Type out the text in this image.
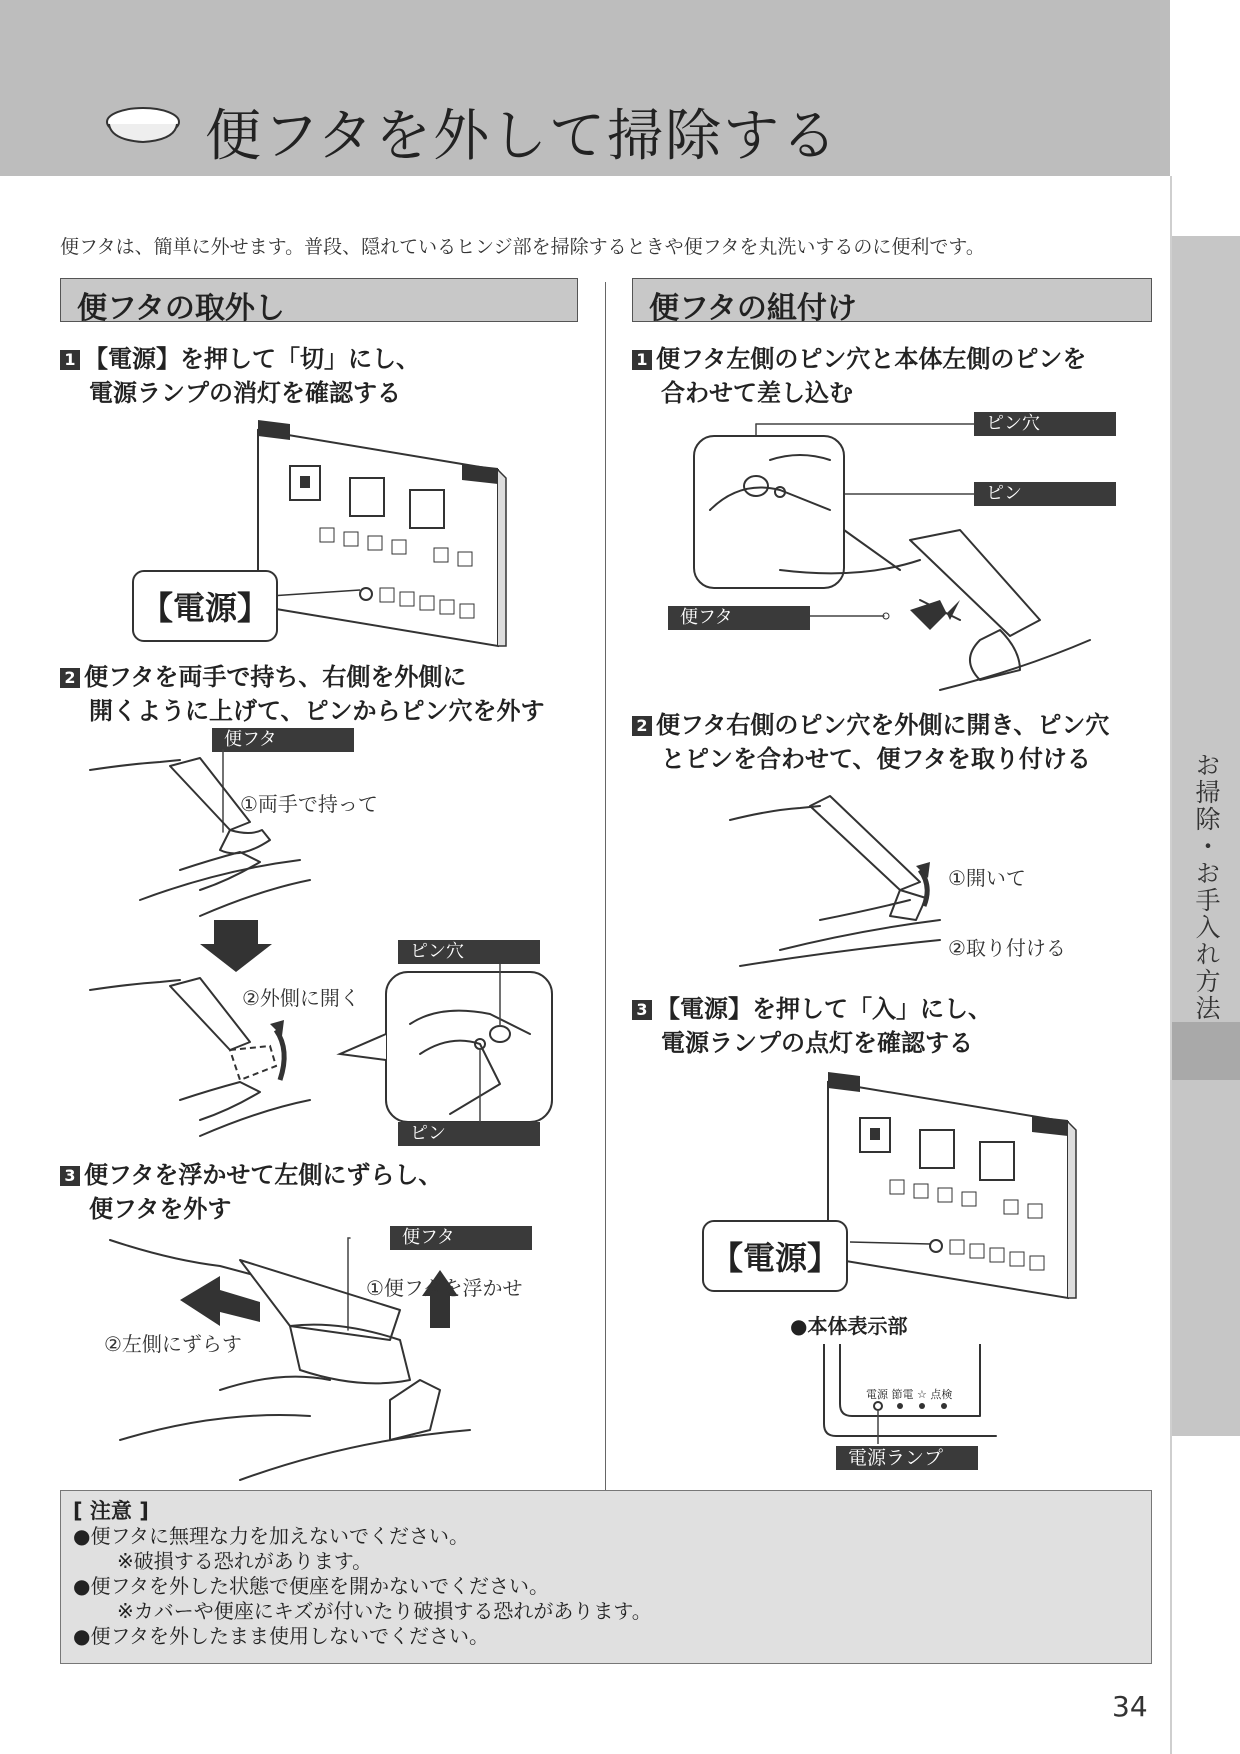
便フタを外して掃除する
お掃除・お手入れ方法
便フタは、簡単に外せます。普段、隠れているヒンジ部を掃除するときや便フタを丸洗いするのに便利です。
便フタの取外し
1 【電源】を押して「切」にし、
電源ランプの消灯を確認する
【電源】
2 便フタを両手で持ち、右側を外側に
開くように上げて、ピンからピン穴を外す
便フタ
①両手で持って
②外側に開く
ピン穴
ピン
3 便フタを浮かせて左側にずらし、
便フタを外す
便フタ
①便フタを浮かせ
②左側にずらす
便フタの組付け
1 便フタ左側のピン穴と本体左側のピンを
合わせて差し込む
ピン穴
ピン
便フタ
2 便フタ右側のピン穴を外側に開き、ピン穴
とピンを合わせて、便フタを取り付ける
①開いて
②取り付ける
3 【電源】を押して「入」にし、
電源ランプの点灯を確認する
【電源】
●本体表示部
電源 節電 ☆ 点検
電源ランプ
[ 注意 ]
●便フタに無理な力を加えないでください。
※破損する恐れがあります。
●便フタを外した状態で便座を開かないでください。
※カバーや便座にキズが付いたり破損する恐れがあります。
●便フタを外したまま使用しないでください。
34
